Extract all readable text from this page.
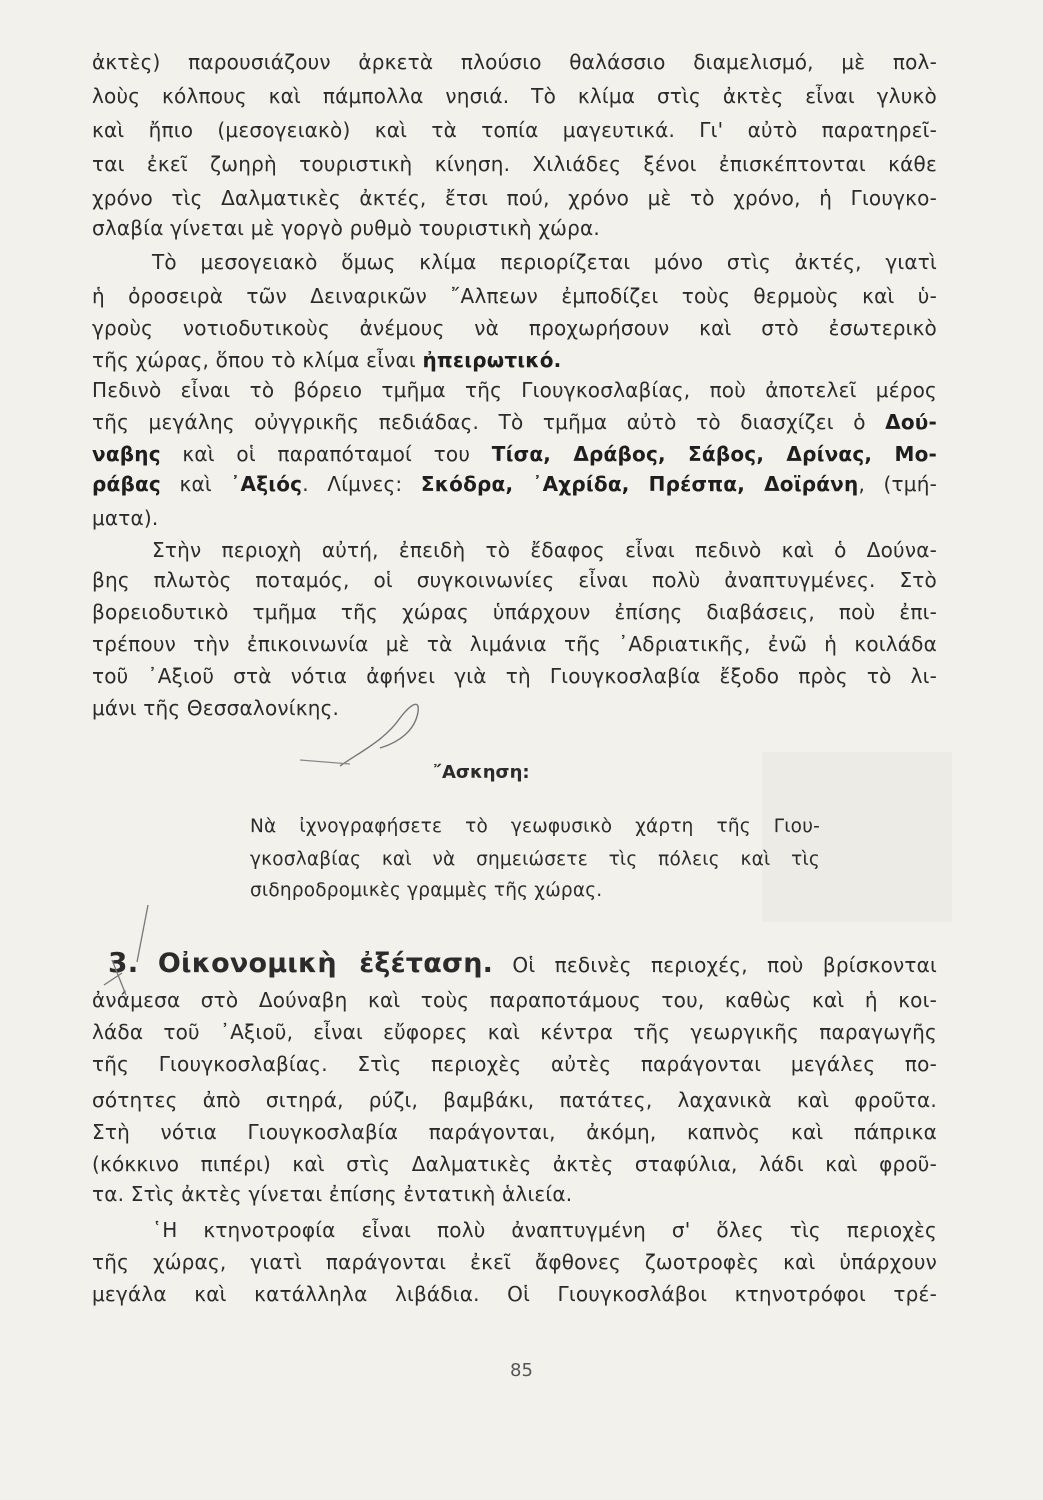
ἀκτὲς) παρουσιάζουν ἀρκετὰ πλούσιο θαλάσσιο διαμελισμό, μὲ πολ-
λοὺς κόλπους καὶ πάμπολλα νησιά. Τὸ κλίμα στὶς ἀκτὲς εἶναι γλυκὸ
καὶ ἤπιο (μεσογειακὸ) καὶ τὰ τοπία μαγευτικά. Γι' αὐτὸ παρατηρεῖ-
ται ἐκεῖ ζωηρὴ τουριστικὴ κίνηση. Χιλιάδες ξένοι ἐπισκέπτονται κάθε
χρόνο τὶς Δαλματικὲς ἀκτές, ἔτσι πού, χρόνο μὲ τὸ χρόνο, ἡ Γιουγκο-
σλαβία γίνεται μὲ γοργὸ ρυθμὸ τουριστικὴ χώρα.
Τὸ μεσογειακὸ ὅμως κλίμα περιορίζεται μόνο στὶς ἀκτές, γιατὶ
ἡ ὀροσειρὰ τῶν Δειναρικῶν ῎Αλπεων ἐμποδίζει τοὺς θερμοὺς καὶ ὑ-
γροὺς νοτιοδυτικοὺς ἀνέμους νὰ προχωρήσουν καὶ στὸ ἐσωτερικὸ
τῆς χώρας, ὅπου τὸ κλίμα εἶναι ἠπειρωτικό.
Πεδινὸ εἶναι τὸ βόρειο τμῆμα τῆς Γιουγκοσλαβίας, ποὺ ἀποτελεῖ μέρος
τῆς μεγάλης οὐγγρικῆς πεδιάδας. Τὸ τμῆμα αὐτὸ τὸ διασχίζει ὁ Δού-
ναβης καὶ οἱ παραπόταμοί του Τίσα, Δράβος, Σάβος, Δρίνας, Μο-
ράβας καὶ ᾿Αξιός. Λίμνες: Σκόδρα, ᾿Αχρίδα, Πρέσπα, Δοϊράνη, (τμή-
ματα).
Στὴν περιοχὴ αὐτή, ἐπειδὴ τὸ ἔδαφος εἶναι πεδινὸ καὶ ὁ Δούνα-
βης πλωτὸς ποταμός, οἱ συγκοινωνίες εἶναι πολὺ ἀναπτυγμένες. Στὸ
βορειοδυτικὸ τμῆμα τῆς χώρας ὑπάρχουν ἐπίσης διαβάσεις, ποὺ ἐπι-
τρέπουν τὴν ἐπικοινωνία μὲ τὰ λιμάνια τῆς ᾿Αδριατικῆς, ἐνῶ ἡ κοιλάδα
τοῦ ᾿Αξιοῦ στὰ νότια ἀφήνει γιὰ τὴ Γιουγκοσλαβία ἔξοδο πρὸς τὸ λι-
μάνι τῆς Θεσσαλονίκης.
῎Ασκηση:
Νὰ ἰχνογραφήσετε τὸ γεωφυσικὸ χάρτη τῆς Γιου-
γκοσλαβίας καὶ νὰ σημειώσετε τὶς πόλεις καὶ τὶς
σιδηροδρομικὲς γραμμὲς τῆς χώρας.
3. Οἰκονομικὴ ἐξέταση. Οἱ πεδινὲς περιοχές, ποὺ βρίσκονται
ἀνάμεσα στὸ Δούναβη καὶ τοὺς παραποτάμους του, καθὼς καὶ ἡ κοι-
λάδα τοῦ ᾿Αξιοῦ, εἶναι εὔφορες καὶ κέντρα τῆς γεωργικῆς παραγωγῆς
τῆς Γιουγκοσλαβίας. Στὶς περιοχὲς αὐτὲς παράγονται μεγάλες πο-
σότητες ἀπὸ σιτηρά, ρύζι, βαμβάκι, πατάτες, λαχανικὰ καὶ φροῦτα.
Στὴ νότια Γιουγκοσλαβία παράγονται, ἀκόμη, καπνὸς καὶ πάπρικα
(κόκκινο πιπέρι) καὶ στὶς Δαλματικὲς ἀκτὲς σταφύλια, λάδι καὶ φροῦ-
τα. Στὶς ἀκτὲς γίνεται ἐπίσης ἐντατικὴ ἁλιεία.
῾Η κτηνοτροφία εἶναι πολὺ ἀναπτυγμένη σ' ὅλες τὶς περιοχὲς
τῆς χώρας, γιατὶ παράγονται ἐκεῖ ἄφθονες ζωοτροφὲς καὶ ὑπάρχουν
μεγάλα καὶ κατάλληλα λιβάδια. Οἱ Γιουγκοσλάβοι κτηνοτρόφοι τρέ-
85
